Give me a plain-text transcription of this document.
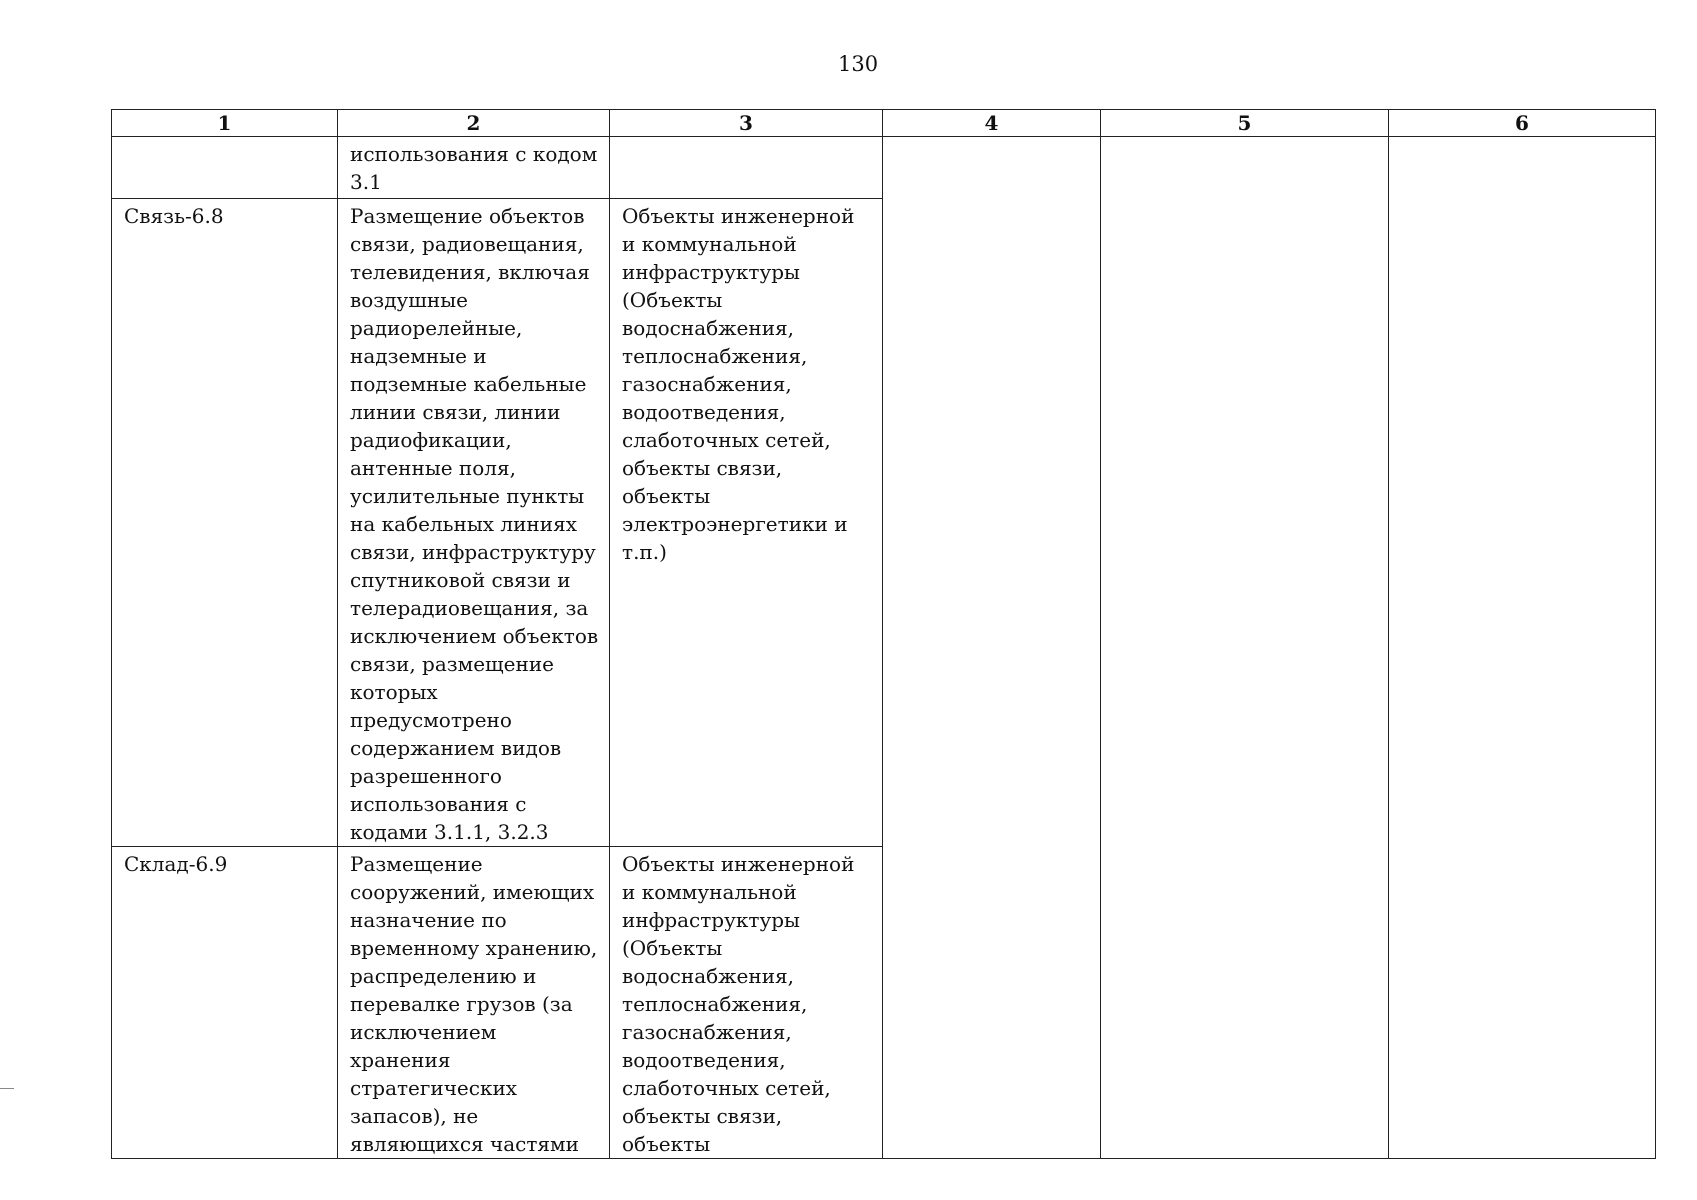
130
1	2	3	4	5	6
	использования с кодом 3.1				
Связь-6.8	Размещение объектов связи, радиовещания, телевидения, включая воздушные радиорелейные, надземные и подземные кабельные линии связи, линии радиофикации, антенные поля, усилительные пункты на кабельных линиях связи, инфраструктуру спутниковой связи и телерадиовещания, за исключением объектов связи, размещение которых предусмотрено содержанием видов разрешенного использования с кодами 3.1.1, 3.2.3	Объекты инженерной и коммунальной инфраструктуры (Объекты водоснабжения, теплоснабжения, газоснабжения, водоотведения, слаботочных сетей, объекты связи, объекты электроэнергетики и т.п.)			
Склад-6.9	Размещение сооружений, имеющих назначение по временному хранению, распределению и перевалке грузов (за исключением хранения стратегических запасов), не являющихся частями	Объекты инженерной и коммунальной инфраструктуры (Объекты водоснабжения, теплоснабжения, газоснабжения, водоотведения, слаботочных сетей, объекты связи, объекты			
